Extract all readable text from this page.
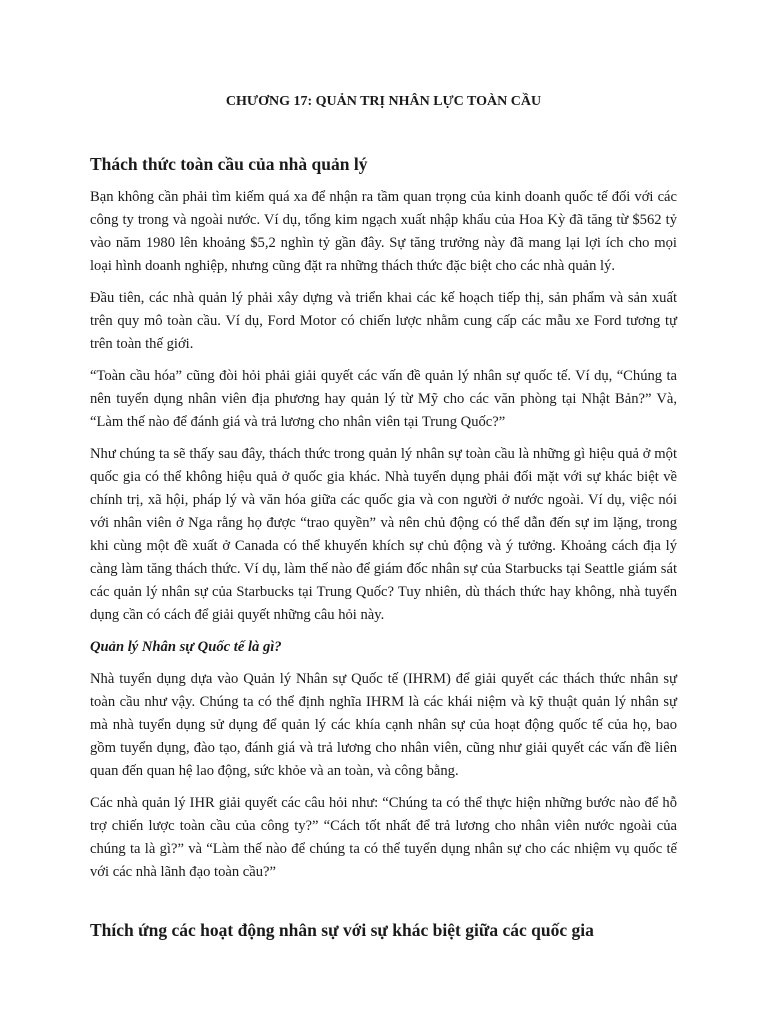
CHƯƠNG 17: QUẢN TRỊ NHÂN LỰC TOÀN CẦU
Thách thức toàn cầu của nhà quản lý

Bạn không cần phải tìm kiếm quá xa để nhận ra tầm quan trọng của kinh doanh quốc tế đối với các công ty trong và ngoài nước. Ví dụ, tổng kim ngạch xuất nhập khẩu của Hoa Kỳ đã tăng từ $562 tỷ vào năm 1980 lên khoảng $5,2 nghìn tỷ gần đây. Sự tăng trưởng này đã mang lại lợi ích cho mọi loại hình doanh nghiệp, nhưng cũng đặt ra những thách thức đặc biệt cho các nhà quản lý.

Đầu tiên, các nhà quản lý phải xây dựng và triển khai các kế hoạch tiếp thị, sản phẩm và sản xuất trên quy mô toàn cầu. Ví dụ, Ford Motor có chiến lược nhằm cung cấp các mẫu xe Ford tương tự trên toàn thế giới.

“Toàn cầu hóa” cũng đòi hỏi phải giải quyết các vấn đề quản lý nhân sự quốc tế. Ví dụ, “Chúng ta nên tuyển dụng nhân viên địa phương hay quản lý từ Mỹ cho các văn phòng tại Nhật Bản?” Và, “Làm thế nào để đánh giá và trả lương cho nhân viên tại Trung Quốc?”

Như chúng ta sẽ thấy sau đây, thách thức trong quản lý nhân sự toàn cầu là những gì hiệu quả ở một quốc gia có thể không hiệu quả ở quốc gia khác. Nhà tuyển dụng phải đối mặt với sự khác biệt về chính trị, xã hội, pháp lý và văn hóa giữa các quốc gia và con người ở nước ngoài. Ví dụ, việc nói với nhân viên ở Nga rằng họ được “trao quyền” và nên chủ động có thể dẫn đến sự im lặng, trong khi cùng một đề xuất ở Canada có thể khuyến khích sự chủ động và ý tưởng. Khoảng cách địa lý càng làm tăng thách thức. Ví dụ, làm thế nào để giám đốc nhân sự của Starbucks tại Seattle giám sát các quản lý nhân sự của Starbucks tại Trung Quốc? Tuy nhiên, dù thách thức hay không, nhà tuyển dụng cần có cách để giải quyết những câu hỏi này.

Quản lý Nhân sự Quốc tế là gì?

Nhà tuyển dụng dựa vào Quản lý Nhân sự Quốc tế (IHRM) để giải quyết các thách thức nhân sự toàn cầu như vậy. Chúng ta có thể định nghĩa IHRM là các khái niệm và kỹ thuật quản lý nhân sự mà nhà tuyển dụng sử dụng để quản lý các khía cạnh nhân sự của hoạt động quốc tế của họ, bao gồm tuyển dụng, đào tạo, đánh giá và trả lương cho nhân viên, cũng như giải quyết các vấn đề liên quan đến quan hệ lao động, sức khỏe và an toàn, và công bằng.

Các nhà quản lý IHR giải quyết các câu hỏi như: “Chúng ta có thể thực hiện những bước nào để hỗ trợ chiến lược toàn cầu của công ty?” “Cách tốt nhất để trả lương cho nhân viên nước ngoài của chúng ta là gì?” và “Làm thế nào để chúng ta có thể tuyển dụng nhân sự cho các nhiệm vụ quốc tế với các nhà lãnh đạo toàn cầu?”

Thích ứng các hoạt động nhân sự với sự khác biệt giữa các quốc gia
